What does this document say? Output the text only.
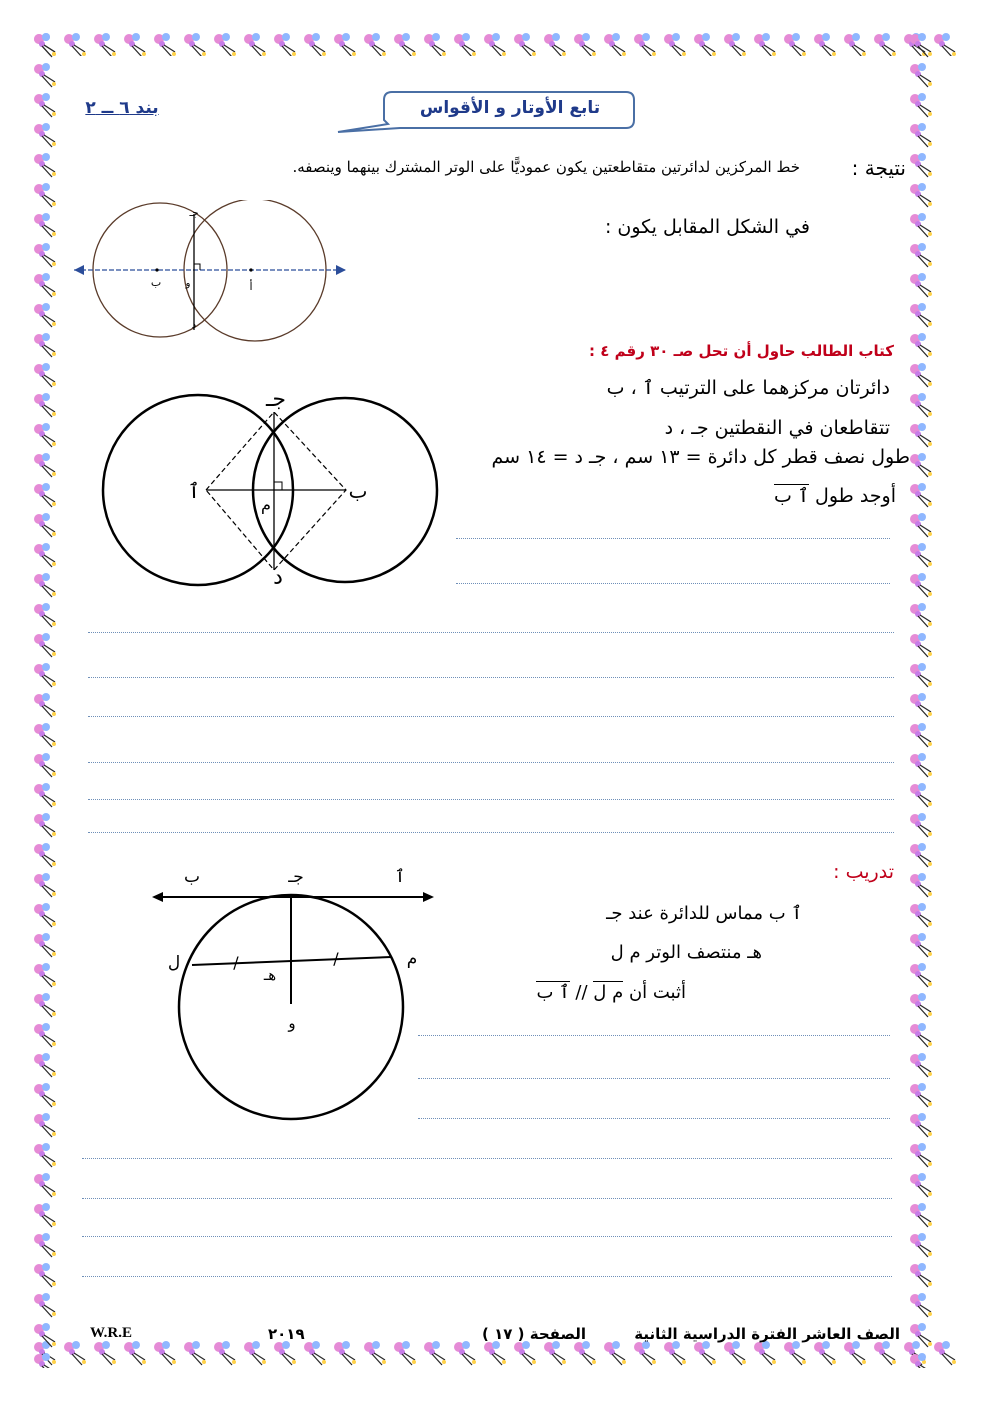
بند ٦ ــ ٢	تابع الأوتار و الأقواس
نتيجة :
خط المركزين لدائرتين متقاطعتين يكون عموديًّا على الوتر المشترك بينهما وينصفه.
في الشكل المقابل يكون :
جـ
ب و	أ
د
كتاب الطالب حاول أن تحل صـ ٣٠ رقم ٤ :
دائرتان مركزهما على الترتيب ٱ ، ب
تتقاطعان في النقطتين جـ ، د
طول نصف قطر كل دائرة = ١٣ سم ، جـ د = ١٤ سم
أوجد طول ٱ ب
جـ
ٱ	ب
م
د
تدريب :
ٱ ب مماس للدائرة عند جـ
هـ منتصف الوتر م ل
أثبت أن م ل // ٱ ب
ب	جـ	ٱ
ل	م
هـ
و
/	/
الصف العاشر الفترة الدراسية الثانية
الصفحة ( ١٧ )
٢٠١٩
W.R.E
